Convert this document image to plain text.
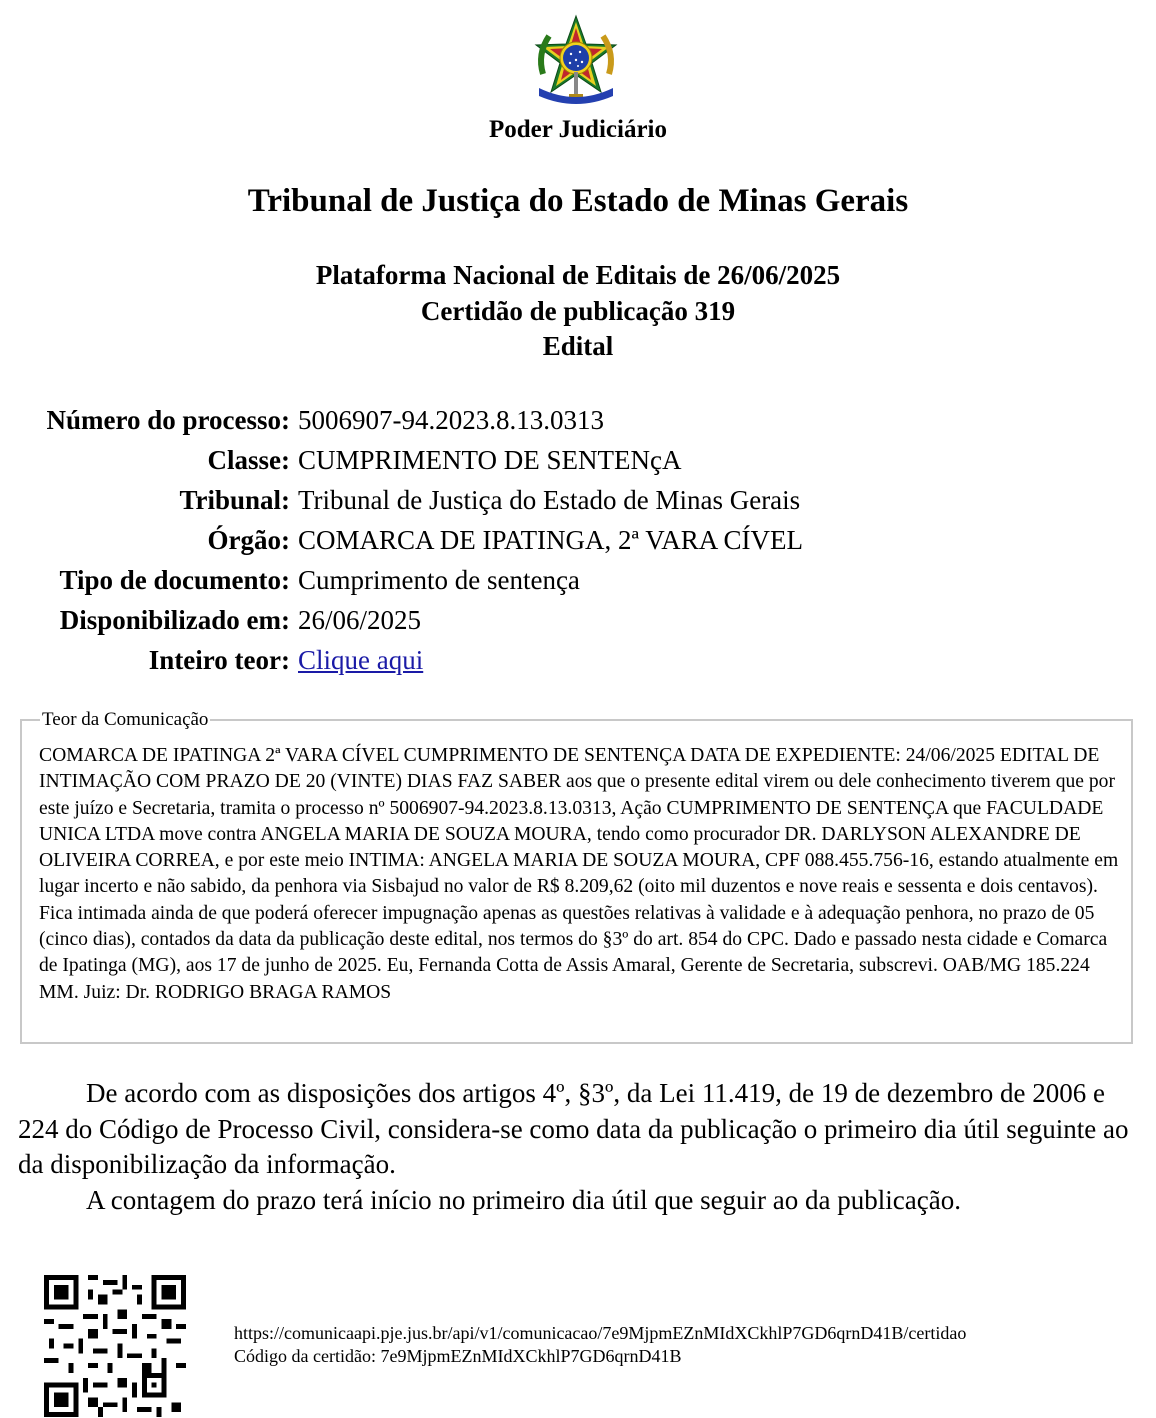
Poder Judiciário
Tribunal de Justiça do Estado de Minas Gerais
Plataforma Nacional de Editais de 26/06/2025
Certidão de publicação 319
Edital
Número do processo: 5006907-94.2023.8.13.0313
Classe: CUMPRIMENTO DE SENTENçA
Tribunal: Tribunal de Justiça do Estado de Minas Gerais
Órgão: COMARCA DE IPATINGA, 2ª VARA CÍVEL
Tipo de documento: Cumprimento de sentença
Disponibilizado em: 26/06/2025
Inteiro teor: Clique aqui
Teor da Comunicação
COMARCA DE IPATINGA 2ª VARA CÍVEL CUMPRIMENTO DE SENTENÇA DATA DE EXPEDIENTE: 24/06/2025 EDITAL DE INTIMAÇÃO COM PRAZO DE 20 (VINTE) DIAS FAZ SABER aos que o presente edital virem ou dele conhecimento tiverem que por este juízo e Secretaria, tramita o processo nº 5006907-94.2023.8.13.0313, Ação CUMPRIMENTO DE SENTENÇA que FACULDADE UNICA LTDA move contra ANGELA MARIA DE SOUZA MOURA, tendo como procurador DR. DARLYSON ALEXANDRE DE OLIVEIRA CORREA, e por este meio INTIMA: ANGELA MARIA DE SOUZA MOURA, CPF 088.455.756-16, estando atualmente em lugar incerto e não sabido, da penhora via Sisbajud no valor de R$ 8.209,62 (oito mil duzentos e nove reais e sessenta e dois centavos). Fica intimada ainda de que poderá oferecer impugnação apenas as questões relativas à validade e à adequação penhora, no prazo de 05 (cinco dias), contados da data da publicação deste edital, nos termos do §3º do art. 854 do CPC. Dado e passado nesta cidade e Comarca de Ipatinga (MG), aos 17 de junho de 2025. Eu, Fernanda Cotta de Assis Amaral, Gerente de Secretaria, subscrevi. OAB/MG 185.224 MM. Juiz: Dr. RODRIGO BRAGA RAMOS

De acordo com as disposições dos artigos 4º, §3º, da Lei 11.419, de 19 de dezembro de 2006 e 224 do Código de Processo Civil, considera-se como data da publicação o primeiro dia útil seguinte ao da disponibilização da informação.

A contagem do prazo terá início no primeiro dia útil que seguir ao da publicação.

https://comunicaapi.pje.jus.br/api/v1/comunicacao/7e9MjpmEZnMIdXCkhlP7GD6qrnD41B/certidao
Código da certidão: 7e9MjpmEZnMIdXCkhlP7GD6qrnD41B
